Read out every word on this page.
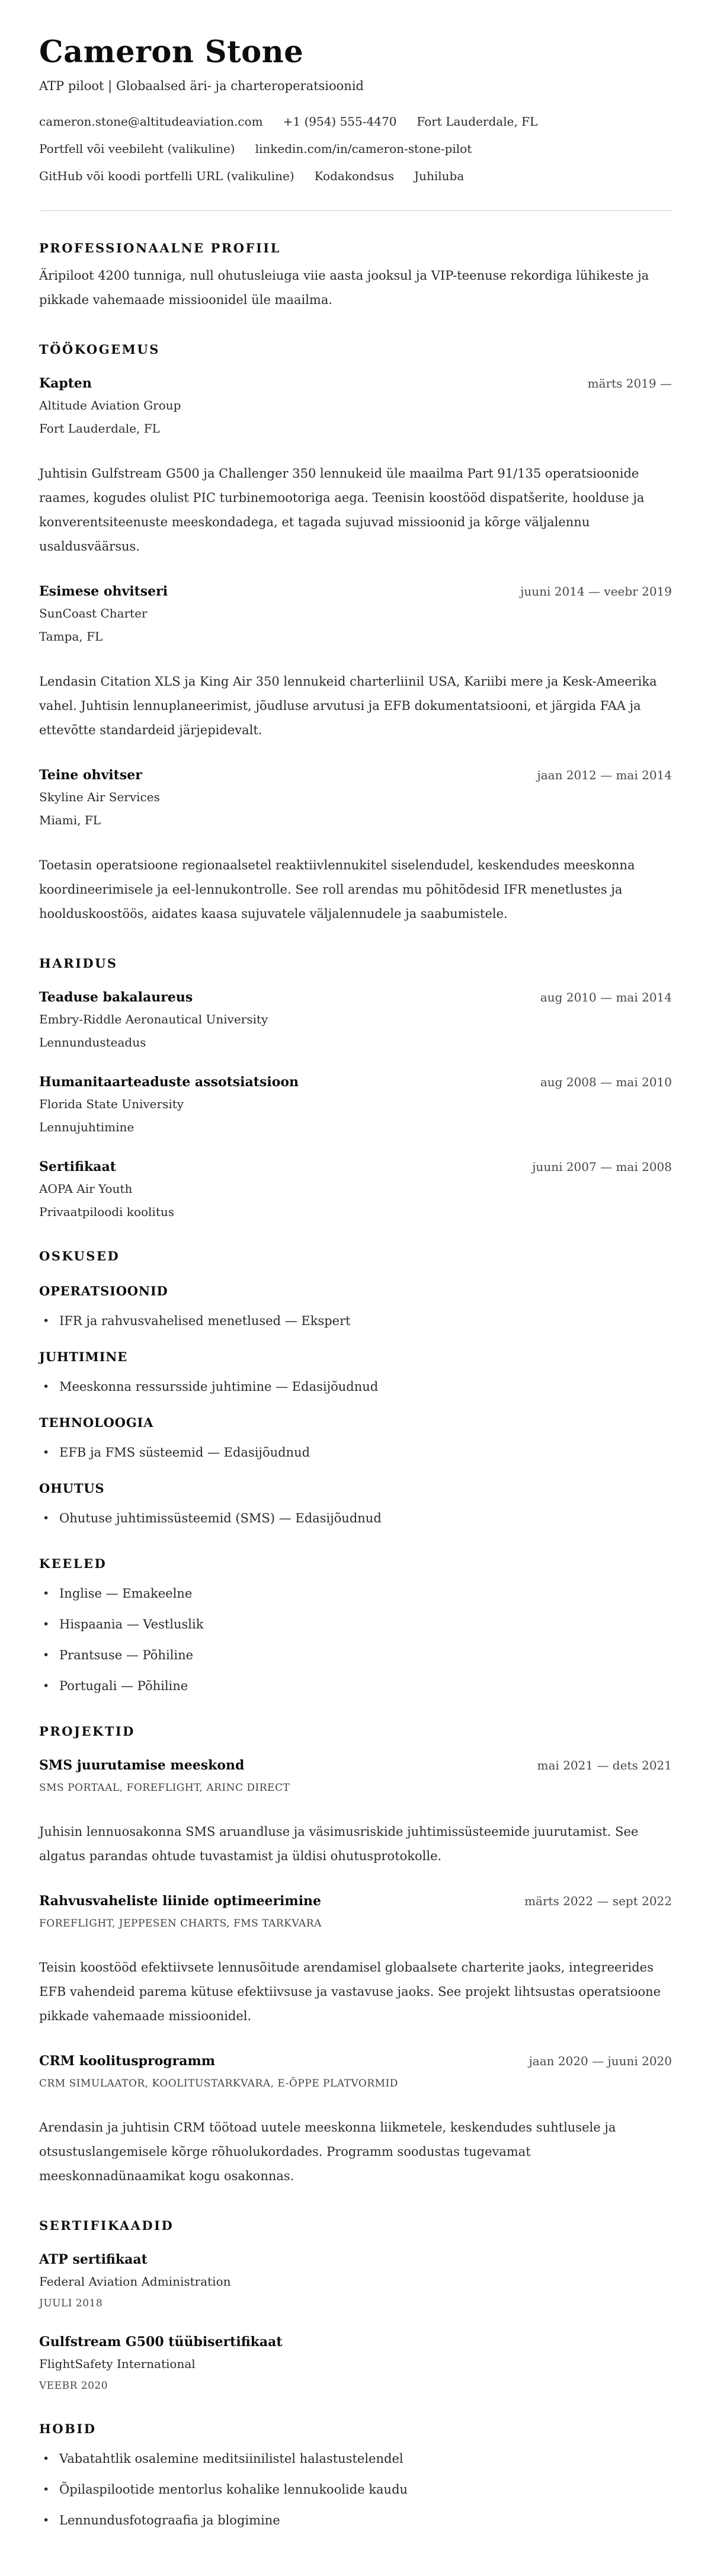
Cameron Stone
ATP piloot | Globaalsed äri- ja charteroperatsioonid
cameron.stone@altitudeaviation.com +1 (954) 555-4470 Fort Lauderdale, FL
Portfell või veebileht (valikuline) linkedin.com/in/cameron-stone-pilot
GitHub või koodi portfelli URL (valikuline) Kodakondsus Juhiluba
PROFESSIONAALNE PROFIIL

Äripiloot 4200 tunniga, null ohutusleiuga viie aasta jooksul ja VIP-teenuse rekordiga lühikeste ja pikkade vahemaade missioonidel üle maailma.

TÖÖKOGEMUS
Kapten	märts 2019 —
Altitude Aviation Group
Fort Lauderdale, FL

Juhtisin Gulfstream G500 ja Challenger 350 lennukeid üle maailma Part 91/135 operatsioonide raames, kogudes olulist PIC turbinemootoriga aega. Teenisin koostööd dispatšerite, hoolduse ja konverentsiteenuste meeskondadega, et tagada sujuvad missioonid ja kõrge väljalennu usaldusväärsus.

Esimese ohvitseri	juuni 2014 — veebr 2019
SunCoast Charter
Tampa, FL

Lendasin Citation XLS ja King Air 350 lennukeid charterliinil USA, Kariibi mere ja Kesk-Ameerika vahel. Juhtisin lennuplaneerimist, jõudluse arvutusi ja EFB dokumentatsiooni, et järgida FAA ja ettevõtte standardeid järjepidevalt.

Teine ohvitser	jaan 2012 — mai 2014
Skyline Air Services
Miami, FL

Toetasin operatsioone regionaalsetel reaktiivlennukitel siselendudel, keskendudes meeskonna koordineerimisele ja eel-lennukontrolle. See roll arendas mu põhitõdesid IFR menetlustes ja hoolduskoostöös, aidates kaasa sujuvatele väljalennudele ja saabumistele.

HARIDUS
Teaduse bakalaureus	aug 2010 — mai 2014
Embry-Riddle Aeronautical University
Lennundusteadus
Humanitaarteaduste assotsiatsioon	aug 2008 — mai 2010
Florida State University
Lennujuhtimine
Sertifikaat	juuni 2007 — mai 2008
AOPA Air Youth
Privaatpiloodi koolitus
OSKUSED
OPERATSIOONID
• IFR ja rahvusvahelised menetlused — Ekspert
JUHTIMINE
• Meeskonna ressursside juhtimine — Edasijõudnud
TEHNOLOOGIA
• EFB ja FMS süsteemid — Edasijõudnud
OHUTUS
• Ohutuse juhtimissüsteemid (SMS) — Edasijõudnud
KEELED
• Inglise — Emakeelne
• Hispaania — Vestluslik
• Prantsuse — Põhiline
• Portugali — Põhiline
PROJEKTID
SMS juurutamise meeskond	mai 2021 — dets 2021
SMS PORTAAL, FOREFLIGHT, ARINC DIRECT

Juhisin lennuosakonna SMS aruandluse ja väsimusriskide juhtimissüsteemide juurutamist. See algatus parandas ohtude tuvastamist ja üldisi ohutusprotokolle.

Rahvusvaheliste liinide optimeerimine	märts 2022 — sept 2022
FOREFLIGHT, JEPPESEN CHARTS, FMS TARKVARA

Teisin koostööd efektiivsete lennusõitude arendamisel globaalsete charterite jaoks, integreerides EFB vahendeid parema kütuse efektiivsuse ja vastavuse jaoks. See projekt lihtsustas operatsioone pikkade vahemaade missioonidel.

CRM koolitusprogramm	jaan 2020 — juuni 2020
CRM SIMULAATOR, KOOLITUSTARKVARA, E-ÕPPE PLATVORMID

Arendasin ja juhtisin CRM töötoad uutele meeskonna liikmetele, keskendudes suhtlusele ja otsustuslangemisele kõrge rõhuolukordades. Programm soodustas tugevamat meeskonnadünaamikat kogu osakonnas.

SERTIFIKAADID
ATP sertifikaat
Federal Aviation Administration
JUULI 2018
Gulfstream G500 tüübisertifikaat
FlightSafety International
VEEBR 2020
HOBID
• Vabatahtlik osalemine meditsiinilistel halastustelendel
• Õpilaspilootide mentorlus kohalike lennukoolide kaudu
• Lennundusfotograafia ja blogimine
